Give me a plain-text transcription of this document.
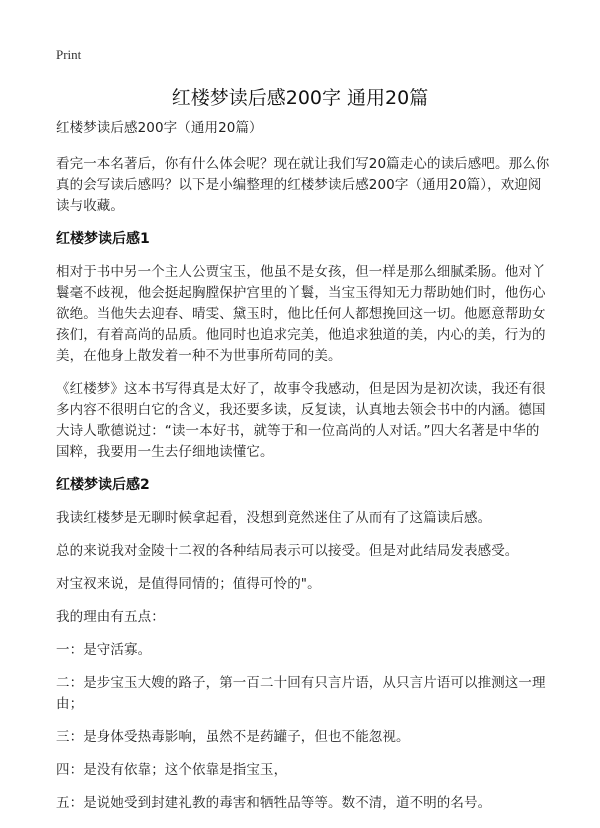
Print
红楼梦读后感200字 通用20篇

红楼梦读后感200字（通用20篇）

看完一本名著后，你有什么体会呢？现在就让我们写20篇走心的读后感吧。那么你真的会写读后感吗？以下是小编整理的红楼梦读后感200字（通用20篇），欢迎阅读与收藏。

红楼梦读后感1

相对于书中另一个主人公贾宝玉，他虽不是女孩，但一样是那么细腻柔肠。他对丫鬟毫不歧视，他会挺起胸膛保护宫里的丫鬟，当宝玉得知无力帮助她们时，他伤心欲绝。当他失去迎春、晴雯、黛玉时，他比任何人都想挽回这一切。他愿意帮助女孩们，有着高尚的品质。他同时也追求完美，他追求独道的美，内心的美，行为的美，在他身上散发着一种不为世事所苟同的美。

《红楼梦》这本书写得真是太好了，故事令我感动，但是因为是初次读，我还有很多内容不很明白它的含义，我还要多读，反复读，认真地去领会书中的内涵。德国大诗人歌德说过：“读一本好书，就等于和一位高尚的人对话。”四大名著是中华的国粹，我要用一生去仔细地读懂它。

红楼梦读后感2

我读红楼梦是无聊时候拿起看，没想到竟然迷住了从而有了这篇读后感。

总的来说我对金陵十二衩的各种结局表示可以接受。但是对此结局发表感受。

对宝衩来说，是值得同情的；值得可怜的"。

我的理由有五点：

一：是守活寡。

二：是步宝玉大嫂的路子，第一百二十回有只言片语，从只言片语可以推测这一理由；

三：是身体受热毒影响，虽然不是药罐子，但也不能忽视。

四：是没有依靠；这个依靠是指宝玉，

五：是说她受到封建礼教的毒害和牺牲品等等。数不清，道不明的名号。
